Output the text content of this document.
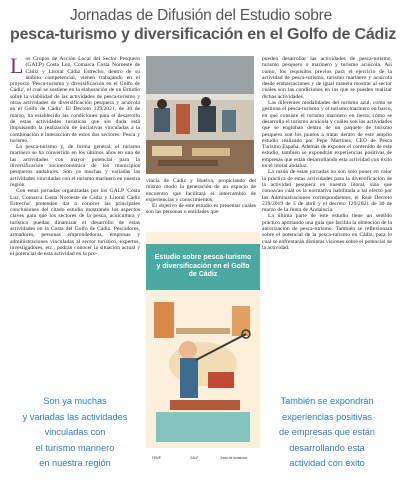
Jornadas de Difusión del Estudio sobre
pesca-turismo y diversificación en el Golfo de Cádiz

Los Grupos de Acción Local del Sector Pesquero (GALP) Costa Luz, Comarca Costa Noroeste de Cádiz y Litoral Cádiz Estrecho, dentro de su ámbito competencial, vienen trabajando en el proyecto 'Pesca-turismo y diversificación en el Golfo de Cádiz', el cual se sostiene en la elaboración de un Estudio sobre la viabilidad de las actividades de pesca-turismo y otras actividades de diversificación pesquera y acuícola en el Golfo de Cádiz'. El Decreto 129/2021, de 30 de marzo, ha establecido las condiciones para el desarrollo de estas actividades turísticas que sin duda está impulsando la realización de iniciativas vinculadas a la combinación e interacción de estos dos sectores: Pesca y turismo.

La pesca-turismo y, de forma general, el turismo marinero se ha convertido en los últimos años en una de las actividades con mayor potencial para la diversificación socioeconómica de los municipios pesqueros andaluces. Son ya muchas y variadas las actividades vinculadas con el turismo marinero en nuestra región.

Con estas jornadas organizadas por los GALP 'Costa Luz, Comarca Costa Noroeste de Cádiz y Litoral Cádiz Estrecho' pretenden dar a conocer las principales conclusiones del citado estudio mostrando los aspectos claves para que los sectores de la pesca, acuicultura y turístico puedan dinamizar el desarrollo de estas actividades en la Costa del Golfo de Cádiz. Pescadores, armadores, personas emprendedoras, empresas y administraciones vinculadas al sector turístico, expertos, investigadores, etc., podrán conocer la situación actual y el potencial de esta actividad en la pro-

vincia de Cádiz y Huelva, propiciando del mismo modo la generación de un espacio de encuentro que facilitará el intercambio de experiencias y conocimientos.

El objetivo de este estudio es presentar cuáles son las personas o entidades que

Estudio sobre pesca-turismo y diversificación en el Golfo de Cádiz
FEMP	GALP	Junta de Andalucía

pueden desarrollar las actividades de pesca-turismo, turismo pesquero o marinero y turismo acuícola. Así como, los requisitos previos para el ejercicio de la actividad de pesca-turismo, turismo marinero y acuícola desde embarcaciones y de igual manera mostrar al sector cuáles son las condiciones en las que se pueden realizar dichas actividades.

Las diferentes modalidades del turismo azul, como se gestiona el pesca-turismo y el turismo marinero en barco, en qué consiste el turismo marinero en tierra, cómo se desarrolla el turismo acuícola y cuáles son las actividades que se engloban dentro de un paquete de turismo pesquero son los puntos a tratar dentro de este amplio estudio realizado por Pepe Martínez, CEO de Pesca Turismo España. Además de exponer el contenido de este estudio, también se expondrán experiencias positivas de empresas que están desarrollando esta actividad con éxito en el litoral andaluz.

La razón de estas jornadas no son solo poner en valor la práctica de estas actividades para la diversificación de la actividad pesquera en nuestro litoral, sino que conozcan cuál es la normativa habilitada a tal efecto por las Administraciones correspondientes, el Real Decreto 239/2019 de 5 de abril y el decreto 129/2021 de 30 de marzo de la Junta de Andalucía.

La última parte de este estudio tiene un sentido práctico aportando una guía que facilita la obtención de la autorización de pesca-turismo. También se reflexionará sobre el potencial de la pesca-turismo en Cádiz, para lo cual se enfrentarán distintas visiones sobre el potencial de la actividad.

Son ya muchas
y variadas las actividades
vinculadas con
el turismo marinero
en nuestra región
También se expondrán
experiencias positivas
de empresas que están
desarrollando esta
actividad con éxito
